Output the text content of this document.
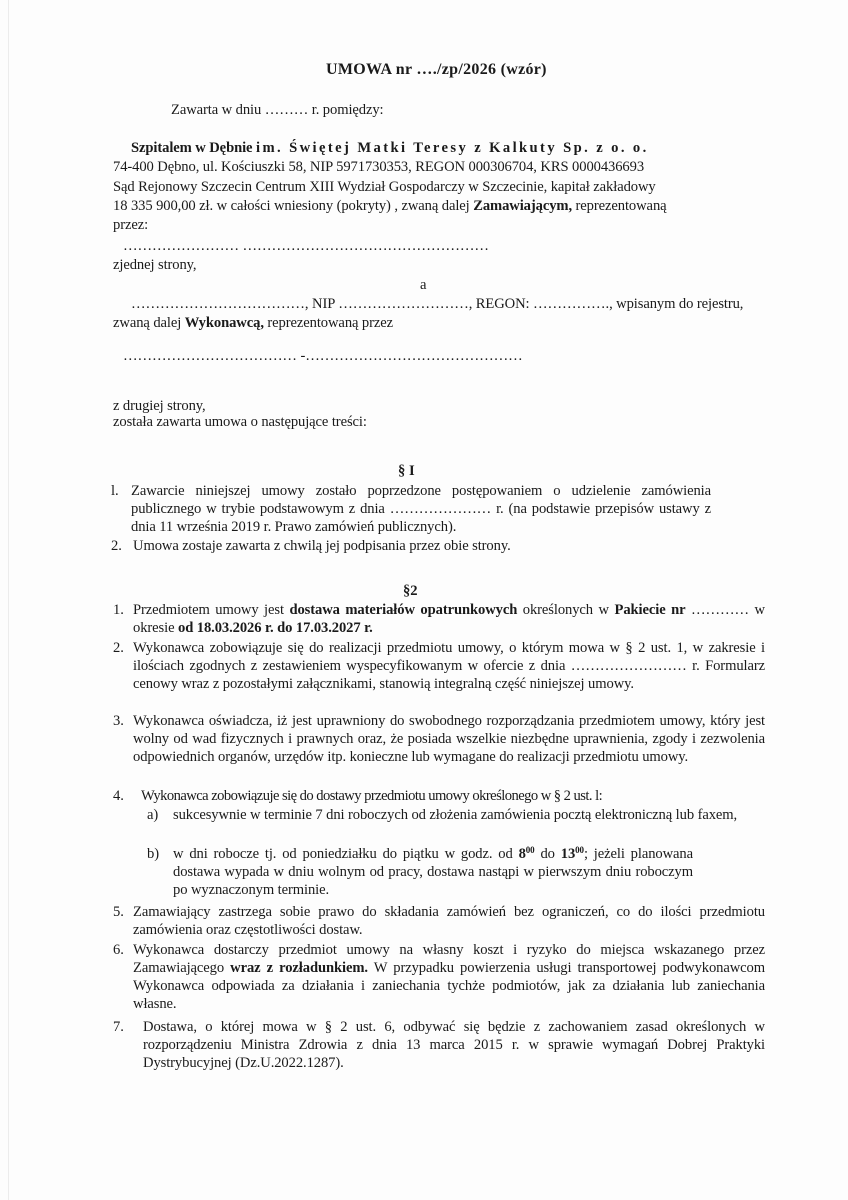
UMOWA nr …./zp/2026 (wzór)
Zawarta w dniu ……… r. pomiędzy:
Szpitalem w Dębnie im. Świętej Matki Teresy z Kalkuty Sp. z o. o.
74-400 Dębno, ul. Kościuszki 58, NIP 5971730353, REGON 000306704, KRS 0000436693
Sąd Rejonowy Szczecin Centrum XIII Wydział Gospodarczy w Szczecinie, kapitał zakładowy
18 335 900,00 zł. w całości wniesiony (pokryty) , zwaną dalej Zamawiającym, reprezentowaną
przez:
…………………… ……………………………………………
zjednej strony,
a
………………………………, NIP ………………………, REGON: ……………., wpisanym do rejestru,
zwaną dalej Wykonawcą, reprezentowaną przez
……………………………… -………………………………………
z drugiej strony,
została zawarta umowa o następujące treści:
§ I
l. Zawarcie niniejszej umowy zostało poprzedzone postępowaniem o udzielenie zamówienia publicznego w trybie podstawowym z dnia ………………… r. (na podstawie przepisów ustawy z dnia 11 września 2019 r. Prawo zamówień publicznych).
2. Umowa zostaje zawarta z chwilą jej podpisania przez obie strony.
§2
1. Przedmiotem umowy jest dostawa materiałów opatrunkowych określonych w Pakiecie nr ………… w okresie od 18.03.2026 r. do 17.03.2027 r.
2. Wykonawca zobowiązuje się do realizacji przedmiotu umowy, o którym mowa w § 2 ust. 1, w zakresie i ilościach zgodnych z zestawieniem wyspecyfikowanym w ofercie z dnia …………………… r. Formularz cenowy wraz z pozostałymi załącznikami, stanowią integralną część niniejszej umowy.
3. Wykonawca oświadcza, iż jest uprawniony do swobodnego rozporządzania przedmiotem umowy, który jest wolny od wad fizycznych i prawnych oraz, że posiada wszelkie niezbędne uprawnienia, zgody i zezwolenia odpowiednich organów, urzędów itp. konieczne lub wymagane do realizacji przedmiotu umowy.
4. Wykonawca zobowiązuje się do dostawy przedmiotu umowy określonego w § 2 ust. l:
a) sukcesywnie w terminie 7 dni roboczych od złożenia zamówienia pocztą elektroniczną lub faxem,
b) w dni robocze tj. od poniedziałku do piątku w godz. od $8^{00}$ do $13^{00}$; jeżeli planowana dostawa wypada w dniu wolnym od pracy, dostawa nastąpi w pierwszym dniu roboczym po wyznaczonym terminie.
5. Zamawiający zastrzega sobie prawo do składania zamówień bez ograniczeń, co do ilości przedmiotu zamówienia oraz częstotliwości dostaw.
6. Wykonawca dostarczy przedmiot umowy na własny koszt i ryzyko do miejsca wskazanego przez Zamawiającego wraz z rozładunkiem. W przypadku powierzenia usługi transportowej podwykonawcom Wykonawca odpowiada za działania i zaniechania tychże podmiotów, jak za działania lub zaniechania własne.
7. Dostawa, o której mowa w § 2 ust. 6, odbywać się będzie z zachowaniem zasad określonych w rozporządzeniu Ministra Zdrowia z dnia 13 marca 2015 r. w sprawie wymagań Dobrej Praktyki Dystrybucyjnej (Dz.U.2022.1287).
